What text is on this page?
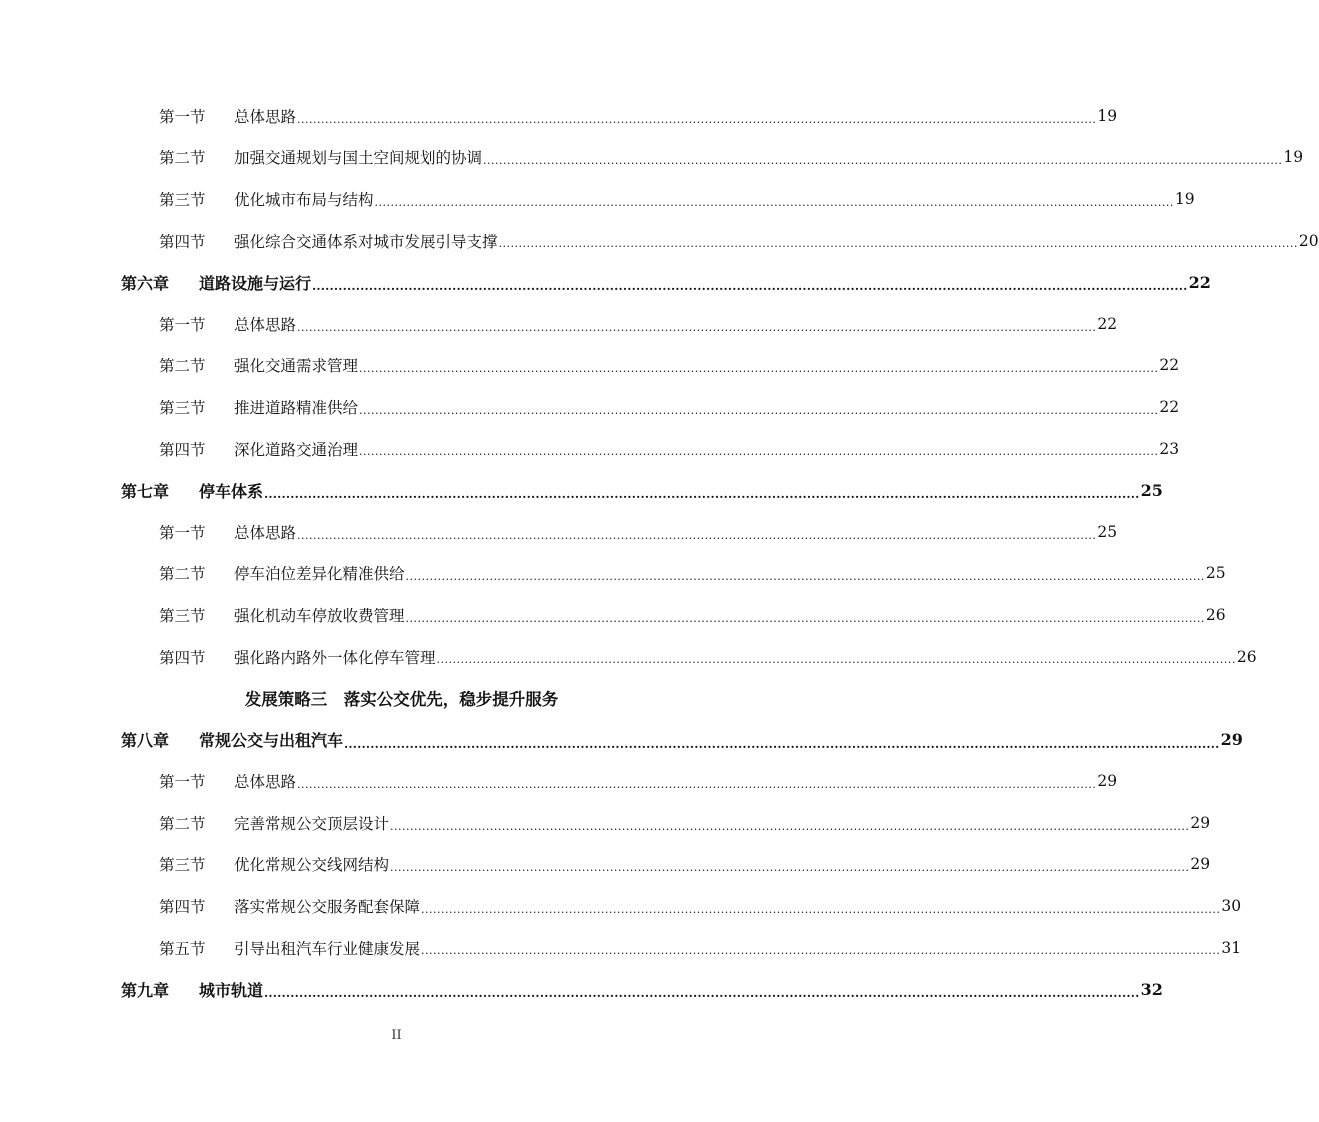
第一节	总体思路 ........................................................................................................................................................................................................ 19
第二节	加强交通规划与国土空间规划的协调 ........................................................................................................................................................................................................ 19
第三节	优化城市布局与结构 ........................................................................................................................................................................................................ 19
第四节	强化综合交通体系对城市发展引导支撑 ........................................................................................................................................................................................................ 20
第六章	道路设施与运行 ........................................................................................................................................................................................................ 22
第一节	总体思路 ........................................................................................................................................................................................................ 22
第二节	强化交通需求管理 ........................................................................................................................................................................................................ 22
第三节	推进道路精准供给 ........................................................................................................................................................................................................ 22
第四节	深化道路交通治理 ........................................................................................................................................................................................................ 23
第七章	停车体系 ........................................................................................................................................................................................................ 25
第一节	总体思路 ........................................................................................................................................................................................................ 25
第二节	停车泊位差异化精准供给 ........................................................................................................................................................................................................ 25
第三节	强化机动车停放收费管理 ........................................................................................................................................................................................................ 26
第四节	强化路内路外一体化停车管理 ........................................................................................................................................................................................................ 26
发展策略三　落实公交优先，稳步提升服务
第八章	常规公交与出租汽车 ........................................................................................................................................................................................................ 29
第一节	总体思路 ........................................................................................................................................................................................................ 29
第二节	完善常规公交顶层设计 ........................................................................................................................................................................................................ 29
第三节	优化常规公交线网结构 ........................................................................................................................................................................................................ 29
第四节	落实常规公交服务配套保障 ........................................................................................................................................................................................................ 30
第五节	引导出租汽车行业健康发展 ........................................................................................................................................................................................................ 31
第九章	城市轨道 ........................................................................................................................................................................................................ 32
II
